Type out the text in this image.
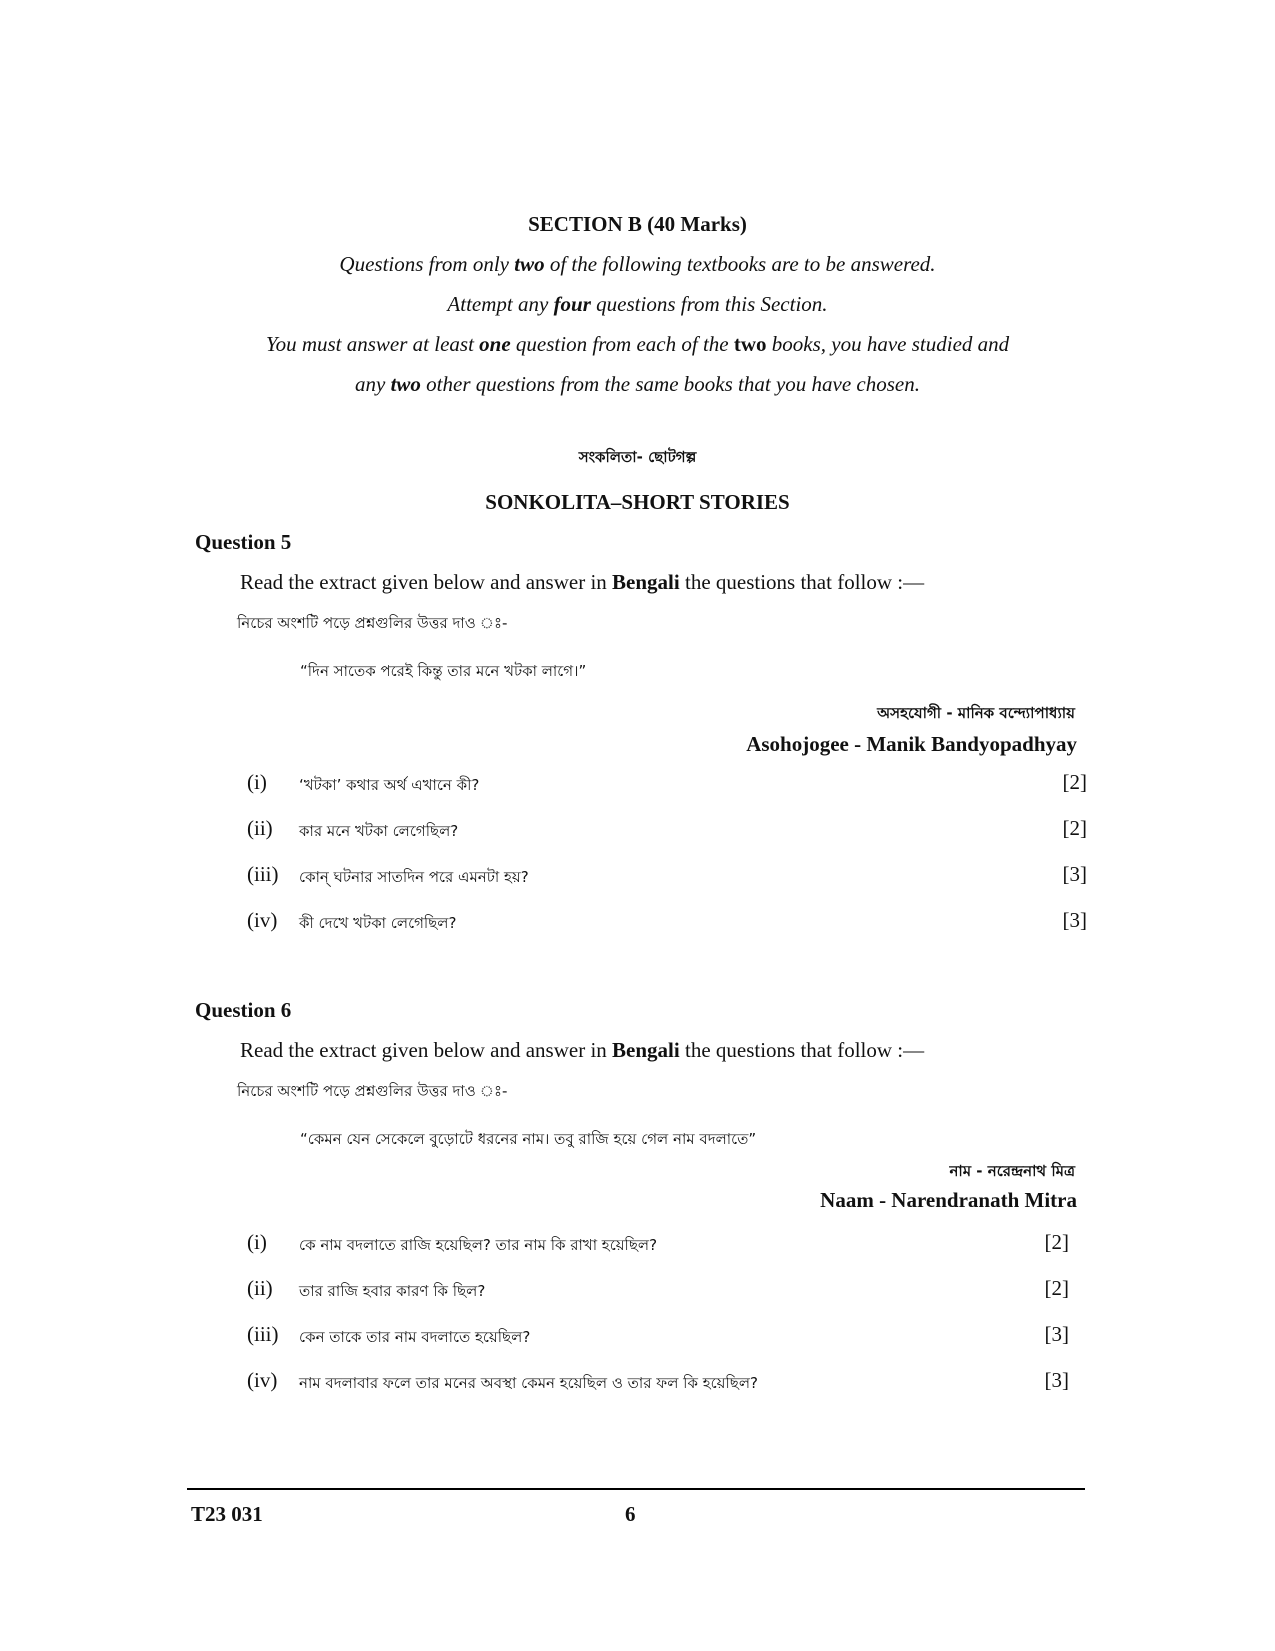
SECTION B (40 Marks)
Questions from only two of the following textbooks are to be answered.
Attempt any four questions from this Section.
You must answer at least one question from each of the two books, you have studied and
any two other questions from the same books that you have chosen.
সংকলিতা- ছোটগল্প
SONKOLITA–SHORT STORIES
Question 5
Read the extract given below and answer in Bengali the questions that follow :—
নিচের অংশটি পড়ে প্রশ্নগুলির উত্তর দাও ঃ-
“দিন সাতেক পরেই কিন্তু তার মনে খটকা লাগে।”
অসহযোগী - মানিক বন্দ্যোপাধ্যায়
Asohojogee - Manik Bandyopadhyay
(i) ‘খটকা’ কথার অর্থ এখানে কী?	[2]
(ii) কার মনে খটকা লেগেছিল?	[2]
(iii) কোন্ ঘটনার সাতদিন পরে এমনটা হয়?	[3]
(iv) কী দেখে খটকা লেগেছিল?	[3]
Question 6
Read the extract given below and answer in Bengali the questions that follow :—
নিচের অংশটি পড়ে প্রশ্নগুলির উত্তর দাও ঃ-
“কেমন যেন সেকেলে বুড়োটে ধরনের নাম। তবু রাজি হয়ে গেল নাম বদলাতে”
নাম - নরেন্দ্রনাথ মিত্র
Naam - Narendranath Mitra
(i) কে নাম বদলাতে রাজি হয়েছিল? তার নাম কি রাখা হয়েছিল?	[2]
(ii) তার রাজি হবার কারণ কি ছিল?	[2]
(iii) কেন তাকে তার নাম বদলাতে হয়েছিল?	[3]
(iv) নাম বদলাবার ফলে তার মনের অবস্থা কেমন হয়েছিল ও তার ফল কি হয়েছিল?	[3]
T23 031	6
